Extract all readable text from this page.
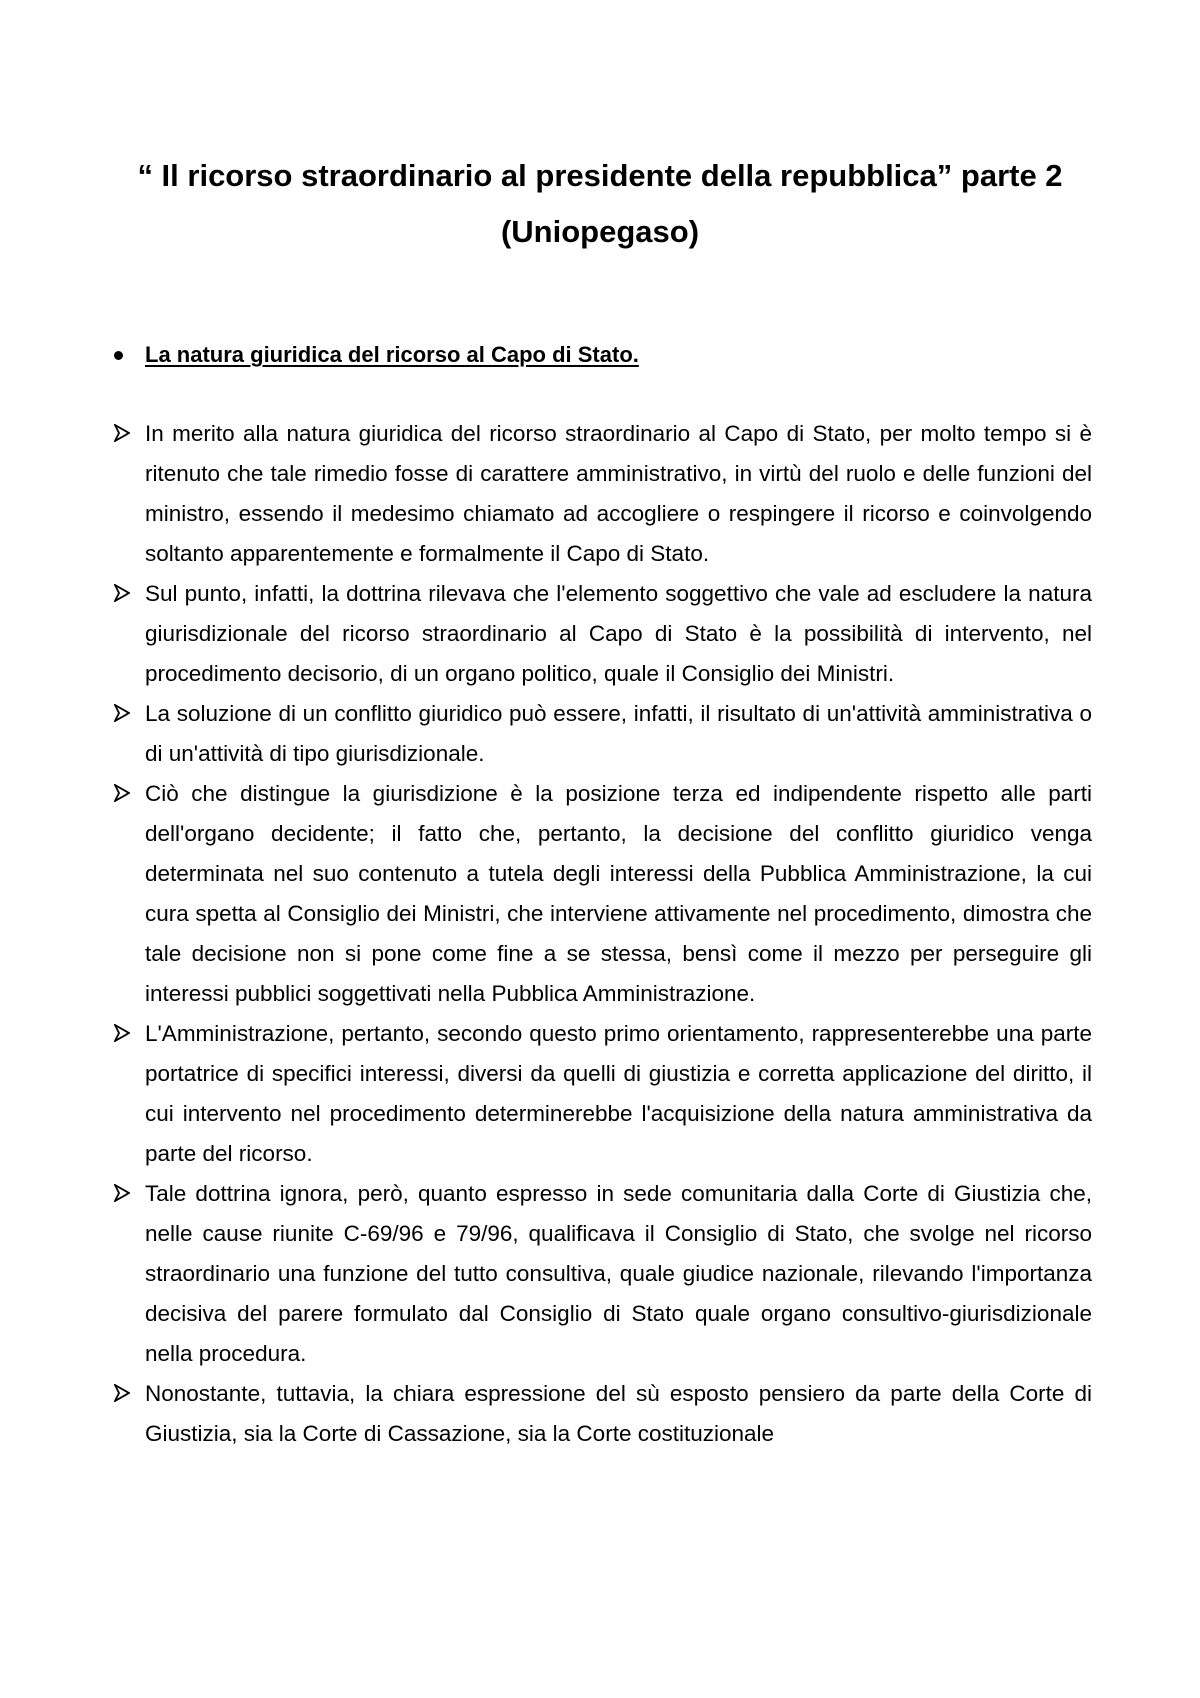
“ Il ricorso straordinario al presidente della repubblica” parte 2
(Uniopegaso)
La natura giuridica del ricorso al Capo di Stato.
In merito alla natura giuridica del ricorso straordinario al Capo di Stato, per molto tempo si è ritenuto che tale rimedio fosse di carattere amministrativo, in virtù del ruolo e delle funzioni del ministro, essendo il medesimo chiamato ad accogliere o respingere il ricorso e coinvolgendo soltanto apparentemente e formalmente il Capo di Stato.
Sul punto, infatti, la dottrina rilevava che l'elemento soggettivo che vale ad escludere la natura giurisdizionale del ricorso straordinario al Capo di Stato è la possibilità di intervento, nel procedimento decisorio, di un organo politico, quale il Consiglio dei Ministri.
La soluzione di un conflitto giuridico può essere, infatti, il risultato di un'attività amministrativa o di un'attività di tipo giurisdizionale.
Ciò che distingue la giurisdizione è la posizione terza ed indipendente rispetto alle parti dell'organo decidente; il fatto che, pertanto, la decisione del conflitto giuridico venga determinata nel suo contenuto a tutela degli interessi della Pubblica Amministrazione, la cui cura spetta al Consiglio dei Ministri, che interviene attivamente nel procedimento, dimostra che tale decisione non si pone come fine a se stessa, bensì come il mezzo per perseguire gli interessi pubblici soggettivati nella Pubblica Amministrazione.
L'Amministrazione, pertanto, secondo questo primo orientamento, rappresenterebbe una parte portatrice di specifici interessi, diversi da quelli di giustizia e corretta applicazione del diritto, il cui intervento nel procedimento determinerebbe l'acquisizione della natura amministrativa da parte del ricorso.
Tale dottrina ignora, però, quanto espresso in sede comunitaria dalla Corte di Giustizia che, nelle cause riunite C-69/96 e 79/96, qualificava il Consiglio di Stato, che svolge nel ricorso straordinario una funzione del tutto consultiva, quale giudice nazionale, rilevando l'importanza decisiva del parere formulato dal Consiglio di Stato quale organo consultivo-giurisdizionale nella procedura.
Nonostante, tuttavia, la chiara espressione del sù esposto pensiero da parte della Corte di Giustizia, sia la Corte di Cassazione, sia la Corte costituzionale
